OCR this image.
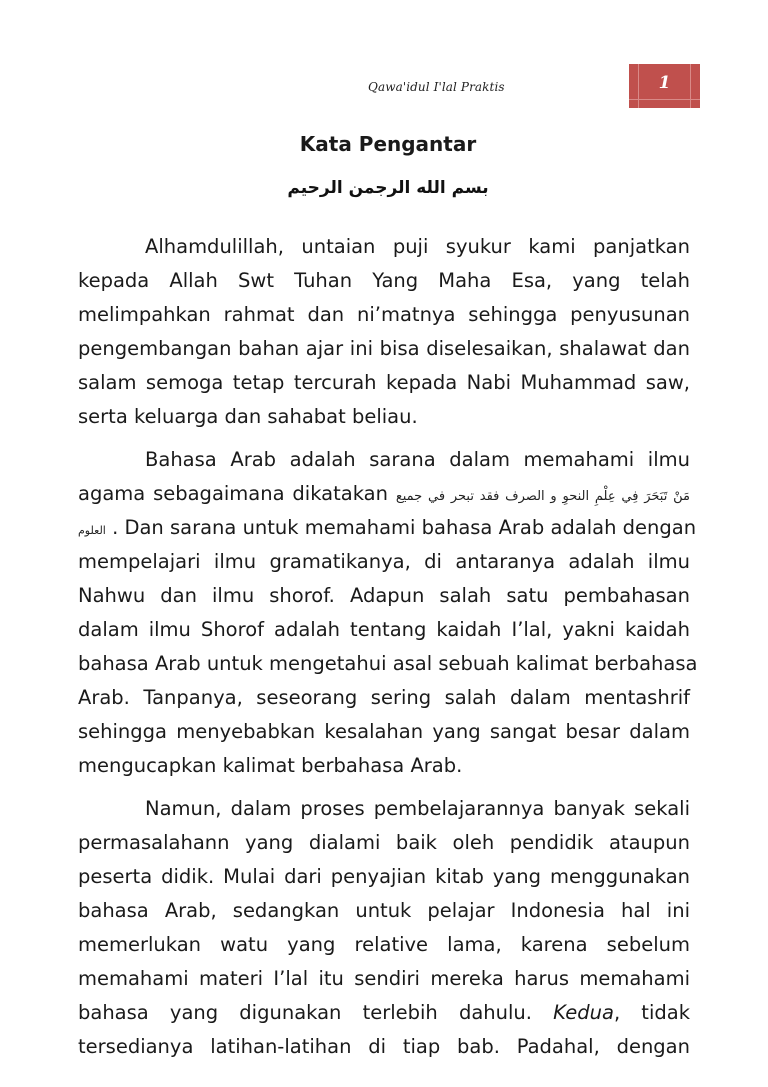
Qawa'idul I'lal Praktis	1
Kata Pengantar
بسم الله الرجمن الرحيم
Alhamdulillah, untaian puji syukur kami panjatkan
kepada Allah Swt Tuhan Yang Maha Esa, yang telah
melimpahkan rahmat dan ni’matnya sehingga penyusunan
pengembangan bahan ajar ini bisa diselesaikan, shalawat dan
salam semoga tetap tercurah kepada Nabi Muhammad saw,
serta keluarga dan sahabat beliau.
Bahasa Arab adalah sarana dalam memahami ilmu
agama sebagaimana dikatakan مَنْ تَبَحَرَ فِي عِلْمِ النحوِ و الصرف فقد تبحر في جميع
العلوم . Dan sarana untuk memahami bahasa Arab adalah dengan
mempelajari ilmu gramatikanya, di antaranya adalah ilmu
Nahwu dan ilmu shorof. Adapun salah satu pembahasan
dalam ilmu Shorof adalah tentang kaidah I’lal, yakni kaidah
bahasa Arab untuk mengetahui asal sebuah kalimat berbahasa
Arab. Tanpanya, seseorang sering salah dalam mentashrif
sehingga menyebabkan kesalahan yang sangat besar dalam
mengucapkan kalimat berbahasa Arab.
Namun, dalam proses pembelajarannya banyak sekali
permasalahann yang dialami baik oleh pendidik ataupun
peserta didik. Mulai dari penyajian kitab yang menggunakan
bahasa Arab, sedangkan untuk pelajar Indonesia hal ini
memerlukan watu yang relative lama, karena sebelum
memahami materi I’lal itu sendiri mereka harus memahami
bahasa yang digunakan terlebih dahulu. Kedua, tidak
tersedianya latihan-latihan di tiap bab. Padahal, dengan
